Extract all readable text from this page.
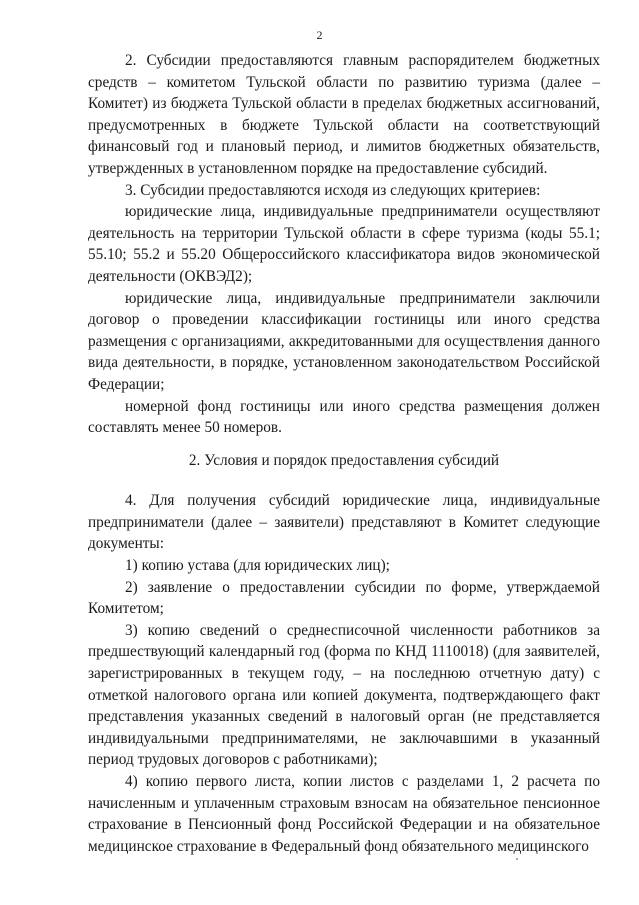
2

2. Субсидии предоставляются главным распорядителем бюджетных средств – комитетом Тульской области по развитию туризма (далее – Комитет) из бюджета Тульской области в пределах бюджетных ассигнований, предусмотренных в бюджете Тульской области на соответствующий финансовый год и плановый период, и лимитов бюджетных обязательств, утвержденных в установленном порядке на предоставление субсидий.

3. Субсидии предоставляются исходя из следующих критериев:

юридические лица, индивидуальные предприниматели осуществляют деятельность на территории Тульской области в сфере туризма (коды 55.1; 55.10; 55.2 и 55.20 Общероссийского классификатора видов экономической деятельности (ОКВЭД2);

юридические лица, индивидуальные предприниматели заключили договор о проведении классификации гостиницы или иного средства размещения с организациями, аккредитованными для осуществления данного вида деятельности, в порядке, установленном законодательством Российской Федерации;

номерной фонд гостиницы или иного средства размещения должен составлять менее 50 номеров.

2. Условия и порядок предоставления субсидий

4. Для получения субсидий юридические лица, индивидуальные предприниматели (далее – заявители) представляют в Комитет следующие документы:

1) копию устава (для юридических лиц);

2) заявление о предоставлении субсидии по форме, утверждаемой Комитетом;

3) копию сведений о среднесписочной численности работников за предшествующий календарный год (форма по КНД 1110018) (для заявителей, зарегистрированных в текущем году, – на последнюю отчетную дату) с отметкой налогового органа или копией документа, подтверждающего факт представления указанных сведений в налоговый орган (не представляется индивидуальными предпринимателями, не заключавшими в указанный период трудовых договоров с работниками);

4) копию первого листа, копии листов с разделами 1, 2 расчета по начисленным и уплаченным страховым взносам на обязательное пенсионное страхование в Пенсионный фонд Российской Федерации и на обязательное медицинское страхование в Федеральный фонд обязательного медицинского
